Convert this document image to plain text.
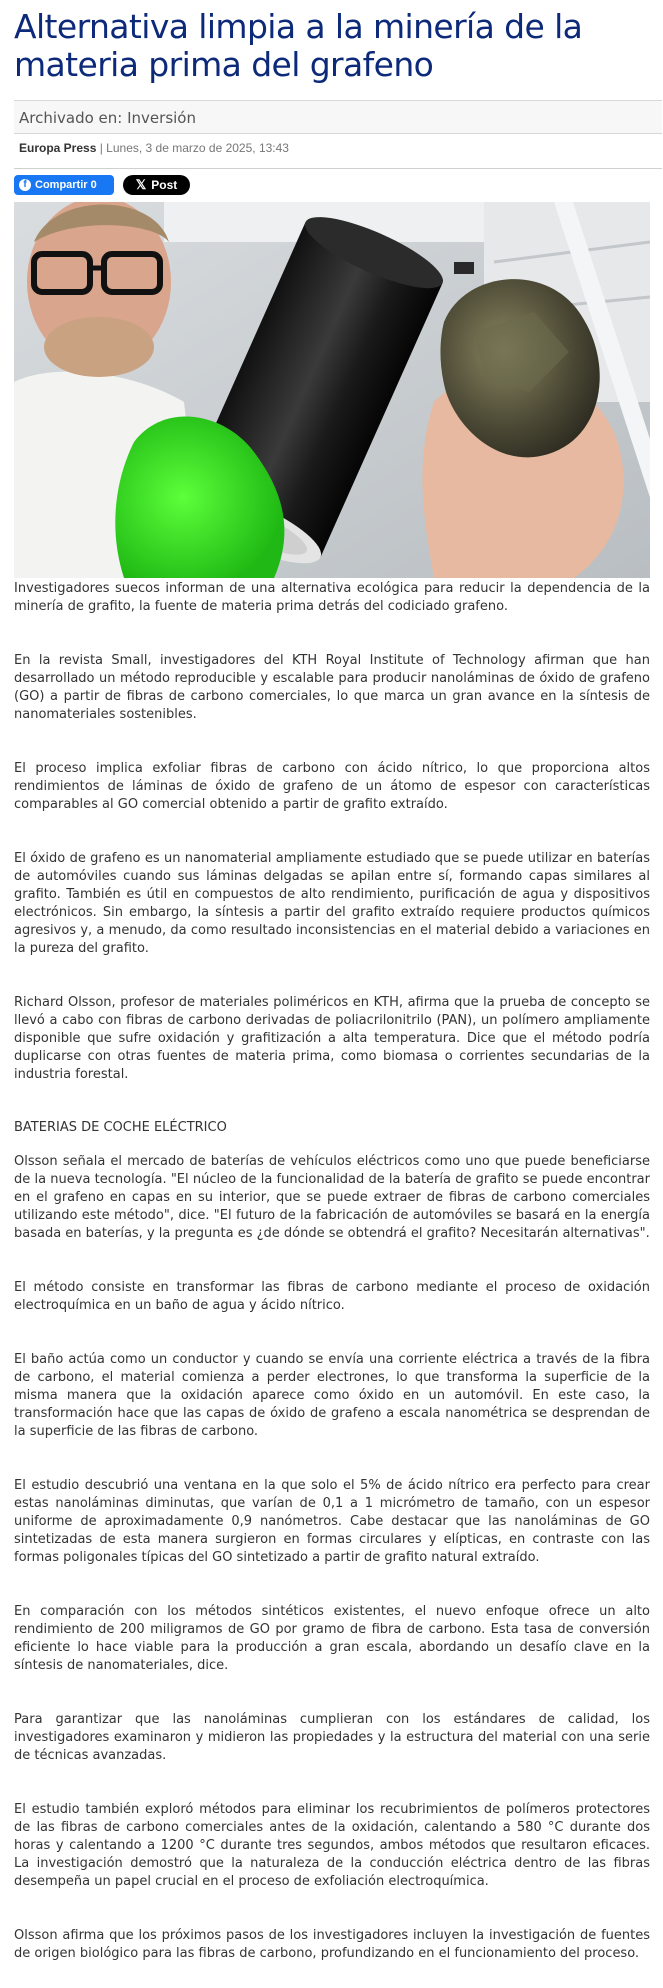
Alternativa limpia a la minería de la materia prima del grafeno
Archivado en: Inversión
Europa Press | Lunes, 3 de marzo de 2025, 13:43
f Compartir
0	𝕏 Post

Investigadores suecos informan de una alternativa ecológica para reducir la dependencia de la minería de grafito, la fuente de materia prima detrás del codiciado grafeno.

En la revista Small, investigadores del KTH Royal Institute of Technology afirman que han desarrollado un método reproducible y escalable para producir nanoláminas de óxido de grafeno (GO) a partir de fibras de carbono comerciales, lo que marca un gran avance en la síntesis de nanomateriales sostenibles.

El proceso implica exfoliar fibras de carbono con ácido nítrico, lo que proporciona altos rendimientos de láminas de óxido de grafeno de un átomo de espesor con características comparables al GO comercial obtenido a partir de grafito extraído.

El óxido de grafeno es un nanomaterial ampliamente estudiado que se puede utilizar en baterías de automóviles cuando sus láminas delgadas se apilan entre sí, formando capas similares al grafito. También es útil en compuestos de alto rendimiento, purificación de agua y dispositivos electrónicos. Sin embargo, la síntesis a partir del grafito extraído requiere productos químicos agresivos y, a menudo, da como resultado inconsistencias en el material debido a variaciones en la pureza del grafito.

Richard Olsson, profesor de materiales poliméricos en KTH, afirma que la prueba de concepto se llevó a cabo con fibras de carbono derivadas de poliacrilonitrilo (PAN), un polímero ampliamente disponible que sufre oxidación y grafitización a alta temperatura. Dice que el método podría duplicarse con otras fuentes de materia prima, como biomasa o corrientes secundarias de la industria forestal.

BATERIAS DE COCHE ELÉCTRICO

Olsson señala el mercado de baterías de vehículos eléctricos como uno que puede beneficiarse de la nueva tecnología. "El núcleo de la funcionalidad de la batería de grafito se puede encontrar en el grafeno en capas en su interior, que se puede extraer de fibras de carbono comerciales utilizando este método", dice. "El futuro de la fabricación de automóviles se basará en la energía basada en baterías, y la pregunta es ¿de dónde se obtendrá el grafito? Necesitarán alternativas".

El método consiste en transformar las fibras de carbono mediante el proceso de oxidación electroquímica en un baño de agua y ácido nítrico.

El baño actúa como un conductor y cuando se envía una corriente eléctrica a través de la fibra de carbono, el material comienza a perder electrones, lo que transforma la superficie de la misma manera que la oxidación aparece como óxido en un automóvil. En este caso, la transformación hace que las capas de óxido de grafeno a escala nanométrica se desprendan de la superficie de las fibras de carbono.

El estudio descubrió una ventana en la que solo el 5% de ácido nítrico era perfecto para crear estas nanoláminas diminutas, que varían de 0,1 a 1 micrómetro de tamaño, con un espesor uniforme de aproximadamente 0,9 nanómetros. Cabe destacar que las nanoláminas de GO sintetizadas de esta manera surgieron en formas circulares y elípticas, en contraste con las formas poligonales típicas del GO sintetizado a partir de grafito natural extraído.

En comparación con los métodos sintéticos existentes, el nuevo enfoque ofrece un alto rendimiento de 200 miligramos de GO por gramo de fibra de carbono. Esta tasa de conversión eficiente lo hace viable para la producción a gran escala, abordando un desafío clave en la síntesis de nanomateriales, dice.

Para garantizar que las nanoláminas cumplieran con los estándares de calidad, los investigadores examinaron y midieron las propiedades y la estructura del material con una serie de técnicas avanzadas.

El estudio también exploró métodos para eliminar los recubrimientos de polímeros protectores de las fibras de carbono comerciales antes de la oxidación, calentando a 580 °C durante dos horas y calentando a 1200 °C durante tres segundos, ambos métodos que resultaron eficaces. La investigación demostró que la naturaleza de la conducción eléctrica dentro de las fibras desempeña un papel crucial en el proceso de exfoliación electroquímica.

Olsson afirma que los próximos pasos de los investigadores incluyen la investigación de fuentes de origen biológico para las fibras de carbono, profundizando en el funcionamiento del proceso.
